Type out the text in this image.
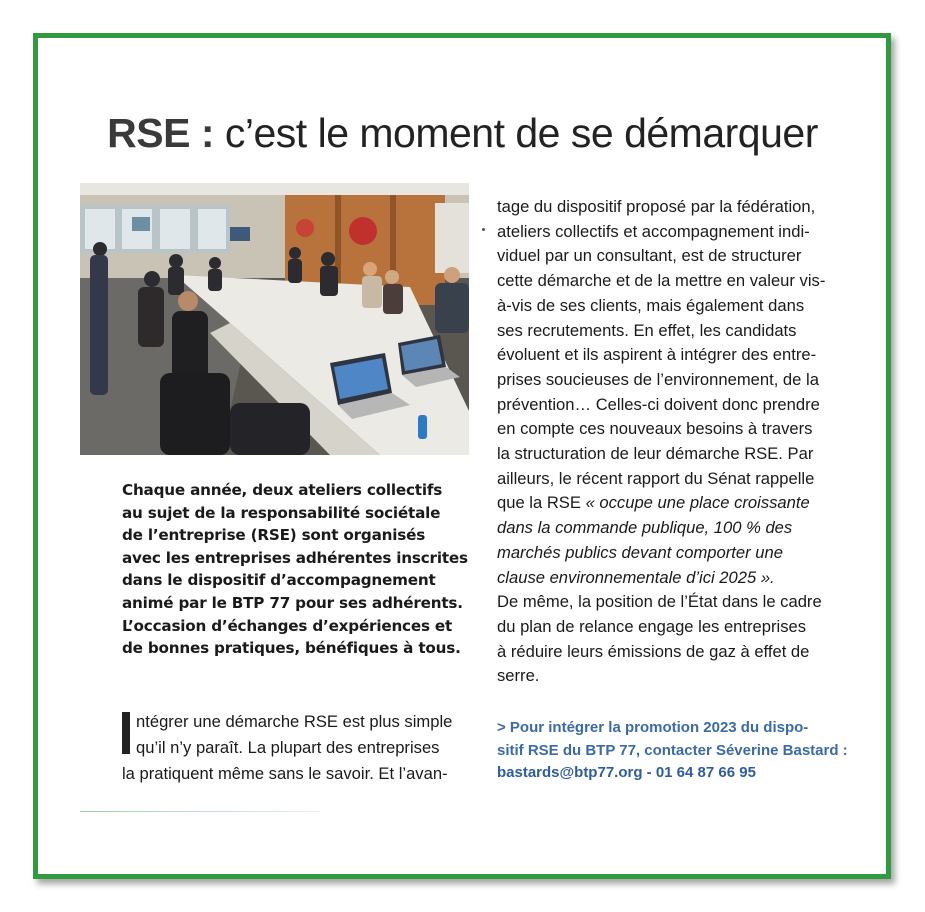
RSE : c’est le moment de se démarquer
Chaque année, deux ateliers collectifs
au sujet de la responsabilité sociétale
de l’entreprise (RSE) sont organisés
avec les entreprises adhérentes inscrites
dans le dispositif d’accompagnement
animé par le BTP 77 pour ses adhérents.
L’occasion d’échanges d’expériences et
de bonnes pratiques, bénéfiques à tous.
ntégrer une démarche RSE est plus simple
qu’il n’y paraît. La plupart des entreprises
la pratiquent même sans le savoir. Et l’avan-
tage du dispositif proposé par la fédération,
ateliers collectifs et accompagnement indi-
viduel par un consultant, est de structurer
cette démarche et de la mettre en valeur vis-
à-vis de ses clients, mais également dans
ses recrutements. En effet, les candidats
évoluent et ils aspirent à intégrer des entre-
prises soucieuses de l’environnement, de la
prévention… Celles-ci doivent donc prendre
en compte ces nouveaux besoins à travers
la structuration de leur démarche RSE. Par
ailleurs, le récent rapport du Sénat rappelle
que la RSE « occupe une place croissante
dans la commande publique, 100 % des
marchés publics devant comporter une
clause environnementale d’ici 2025 ».
De même, la position de l’État dans le cadre
du plan de relance engage les entreprises
à réduire leurs émissions de gaz à effet de
serre.
> Pour intégrer la promotion 2023 du dispo-
sitif RSE du BTP 77, contacter Séverine Bastard :
bastards@btp77.org - 01 64 87 66 95
